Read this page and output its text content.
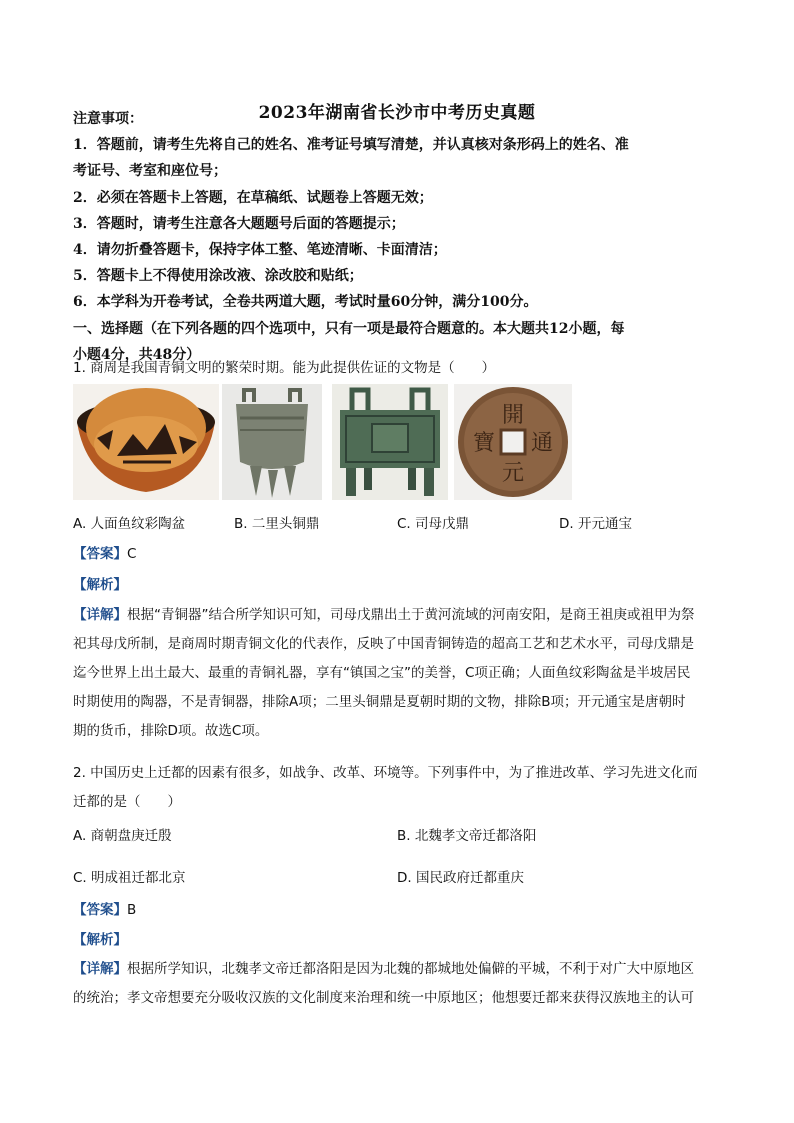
2023年湖南省长沙市中考历史真题
注意事项：
1．答题前，请考生先将自己的姓名、准考证号填写清楚，并认真核对条形码上的姓名、准
考证号、考室和座位号；
2．必须在答题卡上答题，在草稿纸、试题卷上答题无效；
3．答题时，请考生注意各大题题号后面的答题提示；
4．请勿折叠答题卡，保持字体工整、笔迹清晰、卡面清洁；
5．答题卡上不得使用涂改液、涂改胶和贴纸；
6．本学科为开卷考试，全卷共两道大题，考试时量60分钟，满分100分。
一、选择题（在下列各题的四个选项中，只有一项是最符合题意的。本大题共12小题，每
小题4分，共48分）
1. 商周是我国青铜文明的繁荣时期。能为此提供佐证的文物是（　　）
開
通
元
寶
A. 人面鱼纹彩陶盆	B. 二里头铜鼎	C. 司母戊鼎	D. 开元通宝
【答案】C
【解析】
【详解】根据“青铜器”结合所学知识可知，司母戊鼎出土于黄河流域的河南安阳，是商王祖庚或祖甲为祭
祀其母戊所制，是商周时期青铜文化的代表作，反映了中国青铜铸造的超高工艺和艺术水平，司母戊鼎是
迄今世界上出土最大、最重的青铜礼器，享有“镇国之宝”的美誉，C项正确；人面鱼纹彩陶盆是半坡居民
时期使用的陶器，不是青铜器，排除A项；二里头铜鼎是夏朝时期的文物，排除B项；开元通宝是唐朝时
期的货币，排除D项。故选C项。
2. 中国历史上迁都的因素有很多，如战争、改革、环境等。下列事件中，为了推进改革、学习先进文化而
迁都的是（　　）
A. 商朝盘庚迁殷	B. 北魏孝文帝迁都洛阳
C. 明成祖迁都北京	D. 国民政府迁都重庆
【答案】B
【解析】
【详解】根据所学知识，北魏孝文帝迁都洛阳是因为北魏的都城地处偏僻的平城，不利于对广大中原地区
的统治；孝文帝想要充分吸收汉族的文化制度来治理和统一中原地区；他想要迁都来获得汉族地主的认可
